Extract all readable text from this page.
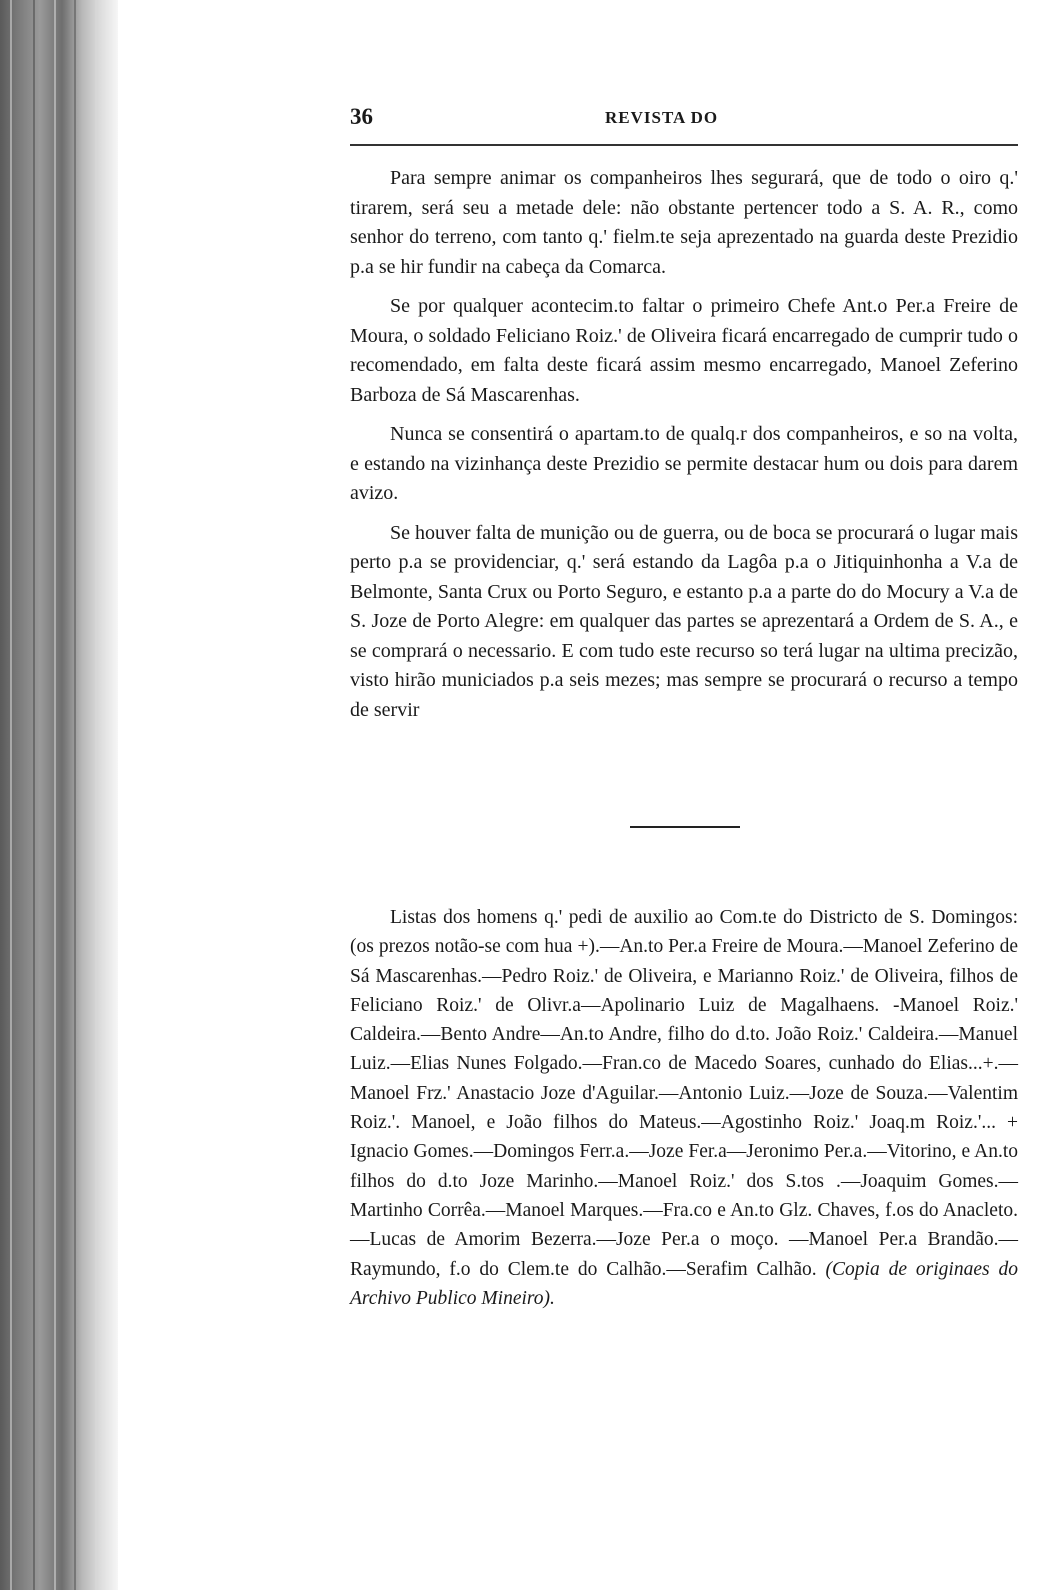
36	REVISTA DO

Para sempre animar os companheiros lhes segurará, que de todo o oiro q.' tirarem, será seu a metade dele: não obstante pertencer todo a S. A. R., como senhor do terreno, com tanto q.' fielm.te seja aprezentado na guarda deste Prezidio p.a se hir fundir na cabeça da Comarca.

Se por qualquer acontecim.to faltar o primeiro Chefe Ant.o Per.a Freire de Moura, o soldado Feliciano Roiz.' de Oliveira ficará encarregado de cumprir tudo o recomendado, em falta deste ficará assim mesmo encarregado, Manoel Zeferino Barboza de Sá Mascarenhas.

Nunca se consentirá o apartam.to de qualq.r dos companheiros, e so na volta, e estando na vizinhança deste Prezidio se permite destacar hum ou dois para darem avizo.

Se houver falta de munição ou de guerra, ou de boca se procurará o lugar mais perto p.a se providenciar, q.' será estando da Lagôa p.a o Jitiquinhonha a V.a de Belmonte, Santa Crux ou Porto Seguro, e estanto p.a a parte do do Mocury a V.a de S. Joze de Porto Alegre: em qualquer das partes se aprezentará a Ordem de S. A., e se comprará o necessario. E com tudo este recurso so terá lugar na ultima precizão, visto hirão municiados p.a seis mezes; mas sempre se procurará o recurso a tempo de servir

Listas dos homens q.' pedi de auxilio ao Com.te do Districto de S. Domingos: (os prezos notão-se com hua +).—An.to Per.a Freire de Moura.—Manoel Zeferino de Sá Mascarenhas.—Pedro Roiz.' de Oliveira, e Marianno Roiz.' de Oliveira, filhos de Feliciano Roiz.' de Olivr.a—Apolinario Luiz de Magalhaens. -Manoel Roiz.' Caldeira.—Bento Andre—An.to Andre, filho do d.to. João Roiz.' Caldeira.—Manuel Luiz.—Elias Nunes Folgado.—Fran.co de Macedo Soares, cunhado do Elias...+.—Manoel Frz.' Anastacio Joze d'Aguilar.—Antonio Luiz.—Joze de Souza.—Valentim Roiz.'. Manoel, e João filhos do Mateus.—Agostinho Roiz.' Joaq.m Roiz.'... + Ignacio Gomes.—Domingos Ferr.a.—Joze Fer.a—Jeronimo Per.a.—Vitorino, e An.to filhos do d.to Joze Marinho.—Manoel Roiz.' dos S.tos .—Joaquim Gomes.—Martinho Corrêa.—Manoel Marques.—Fra.co e An.to Glz. Chaves, f.os do Anacleto.—Lucas de Amorim Bezerra.—Joze Per.a o moço. —Manoel Per.a Brandão.—Raymundo, f.o do Clem.te do Calhão.—Serafim Calhão. (Copia de originaes do Archivo Publico Mineiro).
